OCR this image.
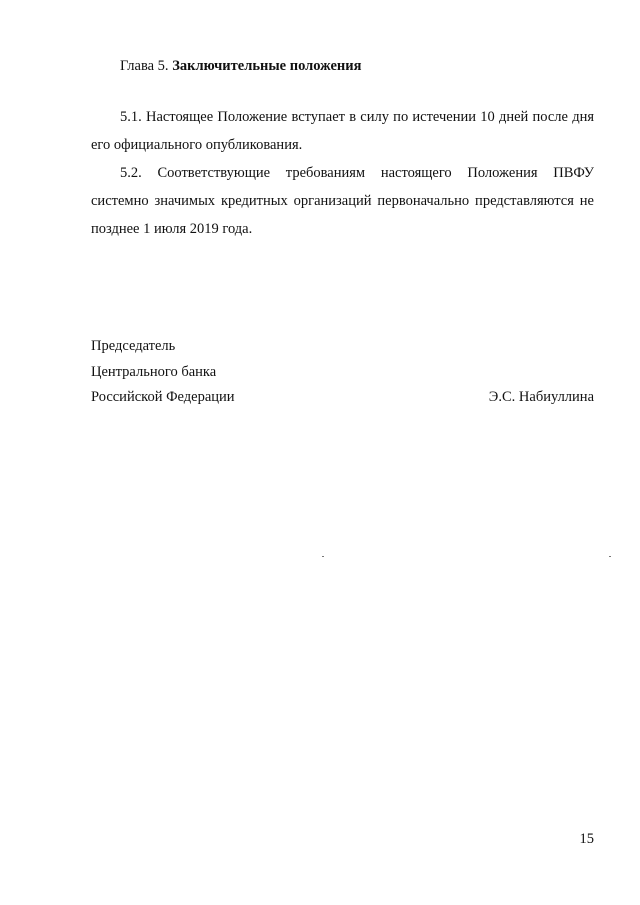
Глава 5. Заключительные положения

5.1. Настоящее Положение вступает в силу по истечении 10 дней после дня его официального опубликования.

5.2. Соответствующие требованиям настоящего Положения ПВФУ системно значимых кредитных организаций первоначально представляются не позднее 1 июля 2019 года.

Председатель
Центрального банка
Российской Федерации	Э.С. Набиуллина
15
